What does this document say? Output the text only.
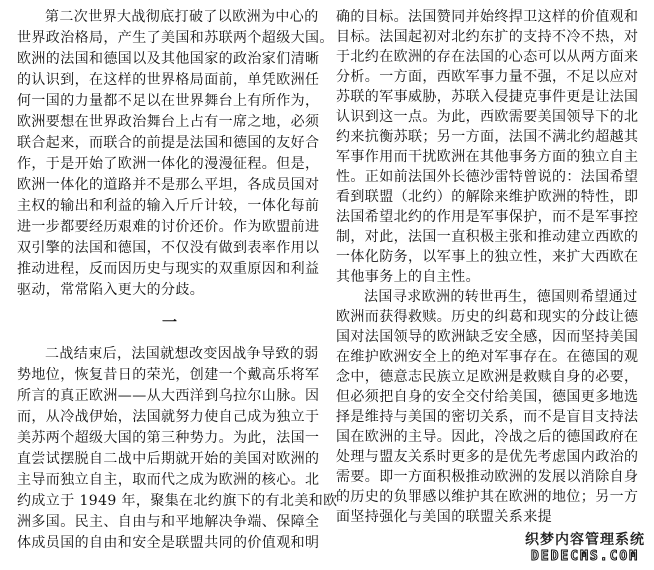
第二次世界大战彻底打破了以欧洲为中心的
世界政治格局，产生了美国和苏联两个超级大国。
欧洲的法国和德国以及其他国家的政治家们清晰
的认识到，在这样的世界格局面前，单凭欧洲任
何一国的力量都不足以在世界舞台上有所作为，
欧洲要想在世界政治舞台上占有一席之地，必须
联合起来，而联合的前提是法国和德国的友好合
作，于是开始了欧洲一体化的漫漫征程。但是，
欧洲一体化的道路并不是那么平坦，各成员国对
主权的输出和利益的输入斤斤计较，一体化每前
进一步都要经历艰难的讨价还价。作为欧盟前进
双引擎的法国和德国，不仅没有做到表率作用以
推动进程，反而因历史与现实的双重原因和利益
驱动，常常陷入更大的分歧。
一
二战结束后，法国就想改变因战争导致的弱
势地位，恢复昔日的荣光，创建一个戴高乐将军
所言的真正欧洲——从大西洋到乌拉尔山脉。因
而，从冷战伊始，法国就努力使自己成为独立于
美苏两个超级大国的第三种势力。为此，法国一
直尝试摆脱自二战中后期就开始的美国对欧洲的
主导而独立自主，取而代之成为欧洲的核心。北
约成立于 1949 年，聚集在北约旗下的有北美和欧
洲多国。民主、自由与和平地解决争端、保障全
体成员国的自由和安全是联盟共同的价值观和明
确的目标。法国赞同并始终捍卫这样的价值观和
目标。法国起初对北约东扩的支持不冷不热，对
于北约在欧洲的存在法国的心态可以从两方面来
分析。一方面，西欧军事力量不强，不足以应对
苏联的军事威胁，苏联入侵捷克事件更是让法国
认识到这一点。为此，西欧需要美国领导下的北
约来抗衡苏联；另一方面，法国不满北约超越其
军事作用而干扰欧洲在其他事务方面的独立自主
性。正如前法国外长德沙雷特曾说的：法国希望
看到联盟（北约）的解除来维护欧洲的特性，即
法国希望北约的作用是军事保护，而不是军事控
制，对此，法国一直积极主张和推动建立西欧的
一体化防务，以军事上的独立性，来扩大西欧在
其他事务上的自主性。
法国寻求欧洲的转世再生，德国则希望通过
欧洲而获得救赎。历史的纠葛和现实的分歧让德
国对法国领导的欧洲缺乏安全感，因而坚持美国
在维护欧洲安全上的绝对军事存在。在德国的观
念中，德意志民族立足欧洲是救赎自身的必要，
但必须把自身的安全交付给美国，德国更多地选
择是维持与美国的密切关系，而不是盲目支持法
国在欧洲的主导。因此，冷战之后的德国政府在
处理与盟友关系时更多的是优先考虑国内政治的
需要。即一方面积极推动欧洲的发展以消除自身
的历史的负罪感以维护其在欧洲的地位；另一方
面坚持强化与美国的联盟关系来提
织梦内容管理系统
DEDECMS.COM
